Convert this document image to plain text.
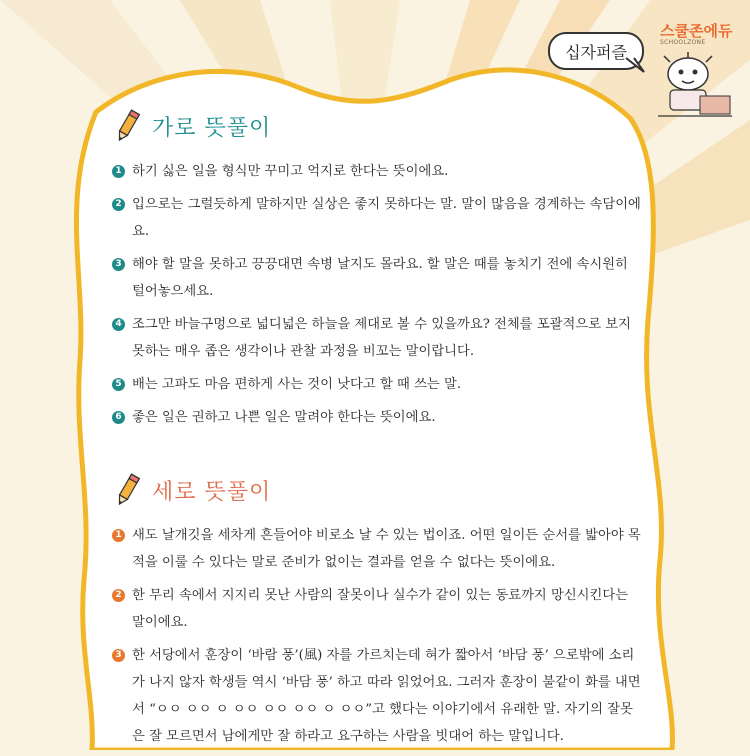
십자퍼즐
스쿨존에듀
SCHOOLZONE
가로 뜻풀이
1 하기 싫은 일을 형식만 꾸미고 억지로 한다는 뜻이에요.
2 입으로는 그럴듯하게 말하지만 실상은 좋지 못하다는 말. 말이 많음을 경계하는 속담이에요.
3 해야 할 말을 못하고 끙끙대면 속병 날지도 몰라요. 할 말은 때를 놓치기 전에 속시원히 털어놓으세요.
4 조그만 바늘구멍으로 넓디넓은 하늘을 제대로 볼 수 있을까요? 전체를 포괄적으로 보지 못하는 매우 좁은 생각이나 관찰 과정을 비꼬는 말이랍니다.
5 배는 고파도 마음 편하게 사는 것이 낫다고 할 때 쓰는 말.
6 좋은 일은 권하고 나쁜 일은 말려야 한다는 뜻이에요.
세로 뜻풀이
1 새도 날개깃을 세차게 흔들어야 비로소 날 수 있는 법이죠. 어떤 일이든 순서를 밟아야 목적을 이룰 수 있다는 말로 준비가 없이는 결과를 얻을 수 없다는 뜻이에요.
2 한 무리 속에서 지지리 못난 사람의 잘못이나 실수가 같이 있는 동료까지 망신시킨다는 말이에요.
3 한 서당에서 훈장이 ‘바람 풍’(風) 자를 가르치는데 혀가 짧아서 ‘바담 풍’ 으로밖에 소리가 나지 않자 학생들 역시 ‘바담 풍’ 하고 따라 읽었어요. 그러자 훈장이 불같이 화를 내면서 “ㅇㅇ ㅇㅇ ㅇ ㅇㅇ ㅇㅇ ㅇㅇ ㅇ ㅇㅇ”고 했다는 이야기에서 유래한 말. 자기의 잘못은 잘 모르면서 남에게만 잘 하라고 요구하는 사람을 빗대어 하는 말입니다.
